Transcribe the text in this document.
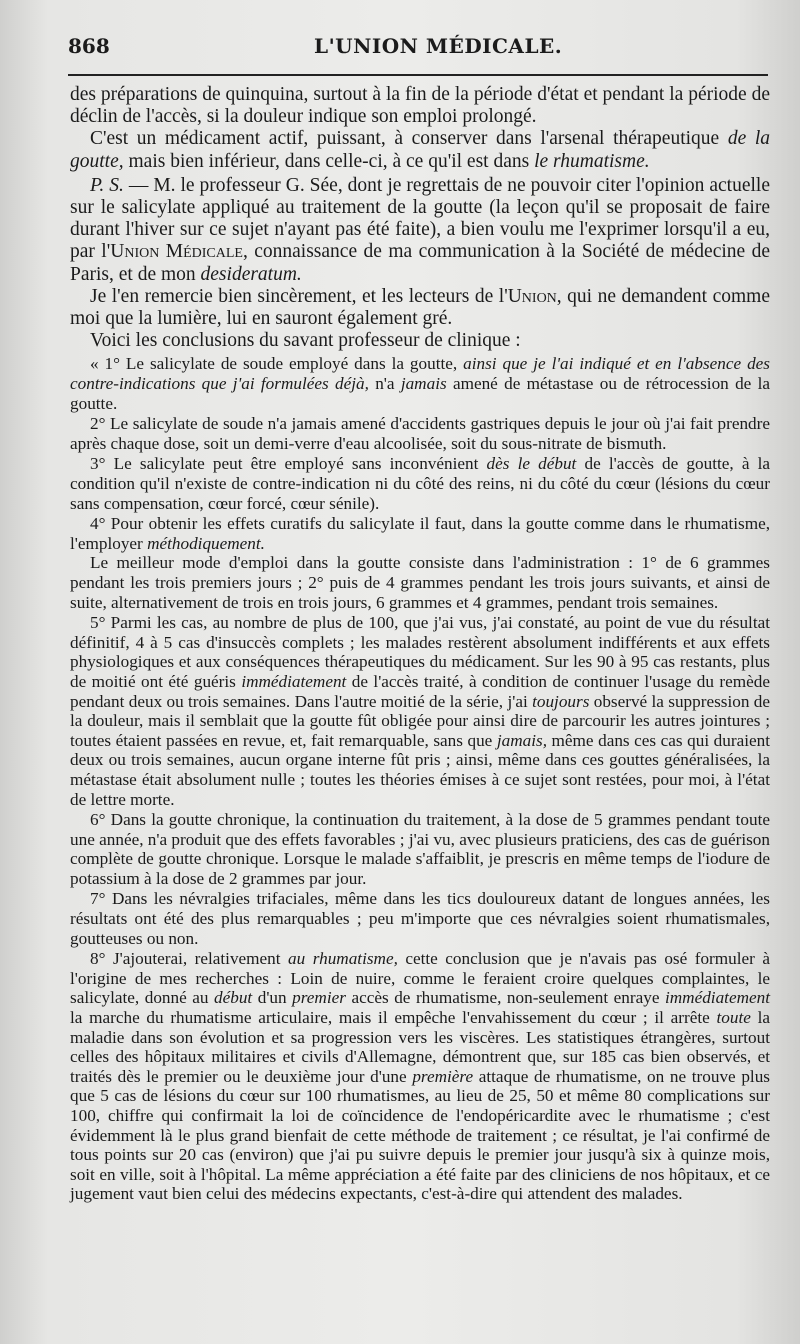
868	L'UNION MÉDICALE.

des préparations de quinquina, surtout à la fin de la période d'état et pendant la période de déclin de l'accès, si la douleur indique son emploi prolongé.

C'est un médicament actif, puissant, à conserver dans l'arsenal thérapeutique de la goutte, mais bien inférieur, dans celle-ci, à ce qu'il est dans le rhumatisme.

P. S. — M. le professeur G. Sée, dont je regrettais de ne pouvoir citer l'opinion actuelle sur le salicylate appliqué au traitement de la goutte (la leçon qu'il se proposait de faire durant l'hiver sur ce sujet n'ayant pas été faite), a bien voulu me l'exprimer lorsqu'il a eu, par l'Union Médicale, connaissance de ma communication à la Société de médecine de Paris, et de mon desideratum.

Je l'en remercie bien sincèrement, et les lecteurs de l'Union, qui ne demandent comme moi que la lumière, lui en sauront également gré.

Voici les conclusions du savant professeur de clinique :

« 1° Le salicylate de soude employé dans la goutte, ainsi que je l'ai indiqué et en l'absence des contre-indications que j'ai formulées déjà, n'a jamais amené de métastase ou de rétrocession de la goutte.

2° Le salicylate de soude n'a jamais amené d'accidents gastriques depuis le jour où j'ai fait prendre après chaque dose, soit un demi-verre d'eau alcoolisée, soit du sous-nitrate de bismuth.

3° Le salicylate peut être employé sans inconvénient dès le début de l'accès de goutte, à la condition qu'il n'existe de contre-indication ni du côté des reins, ni du côté du cœur (lésions du cœur sans compensation, cœur forcé, cœur sénile).

4° Pour obtenir les effets curatifs du salicylate il faut, dans la goutte comme dans le rhumatisme, l'employer méthodiquement.

Le meilleur mode d'emploi dans la goutte consiste dans l'administration : 1° de 6 grammes pendant les trois premiers jours ; 2° puis de 4 grammes pendant les trois jours suivants, et ainsi de suite, alternativement de trois en trois jours, 6 grammes et 4 grammes, pendant trois semaines.

5° Parmi les cas, au nombre de plus de 100, que j'ai vus, j'ai constaté, au point de vue du résultat définitif, 4 à 5 cas d'insuccès complets ; les malades restèrent absolument indifférents et aux effets physiologiques et aux conséquences thérapeutiques du médicament. Sur les 90 à 95 cas restants, plus de moitié ont été guéris immédiatement de l'accès traité, à condition de continuer l'usage du remède pendant deux ou trois semaines. Dans l'autre moitié de la série, j'ai toujours observé la suppression de la douleur, mais il semblait que la goutte fût obligée pour ainsi dire de parcourir les autres jointures ; toutes étaient passées en revue, et, fait remarquable, sans que jamais, même dans ces cas qui duraient deux ou trois semaines, aucun organe interne fût pris ; ainsi, même dans ces gouttes généralisées, la métastase était absolument nulle ; toutes les théories émises à ce sujet sont restées, pour moi, à l'état de lettre morte.

6° Dans la goutte chronique, la continuation du traitement, à la dose de 5 grammes pendant toute une année, n'a produit que des effets favorables ; j'ai vu, avec plusieurs praticiens, des cas de guérison complète de goutte chronique. Lorsque le malade s'affaiblit, je prescris en même temps de l'iodure de potassium à la dose de 2 grammes par jour.

7° Dans les névralgies trifaciales, même dans les tics douloureux datant de longues années, les résultats ont été des plus remarquables ; peu m'importe que ces névralgies soient rhumatismales, goutteuses ou non.

8° J'ajouterai, relativement au rhumatisme, cette conclusion que je n'avais pas osé formuler à l'origine de mes recherches : Loin de nuire, comme le feraient croire quelques complaintes, le salicylate, donné au début d'un premier accès de rhumatisme, non-seulement enraye immédiatement la marche du rhumatisme articulaire, mais il empêche l'envahissement du cœur ; il arrête toute la maladie dans son évolution et sa progression vers les viscères. Les statistiques étrangères, surtout celles des hôpitaux militaires et civils d'Allemagne, démontrent que, sur 185 cas bien observés, et traités dès le premier ou le deuxième jour d'une première attaque de rhumatisme, on ne trouve plus que 5 cas de lésions du cœur sur 100 rhumatismes, au lieu de 25, 50 et même 80 complications sur 100, chiffre qui confirmait la loi de coïncidence de l'endopéricardite avec le rhumatisme ; c'est évidemment là le plus grand bienfait de cette méthode de traitement ; ce résultat, je l'ai confirmé de tous points sur 20 cas (environ) que j'ai pu suivre depuis le premier jour jusqu'à six à quinze mois, soit en ville, soit à l'hôpital. La même appréciation a été faite par des cliniciens de nos hôpitaux, et ce jugement vaut bien celui des médecins expectants, c'est-à-dire qui attendent des malades.
